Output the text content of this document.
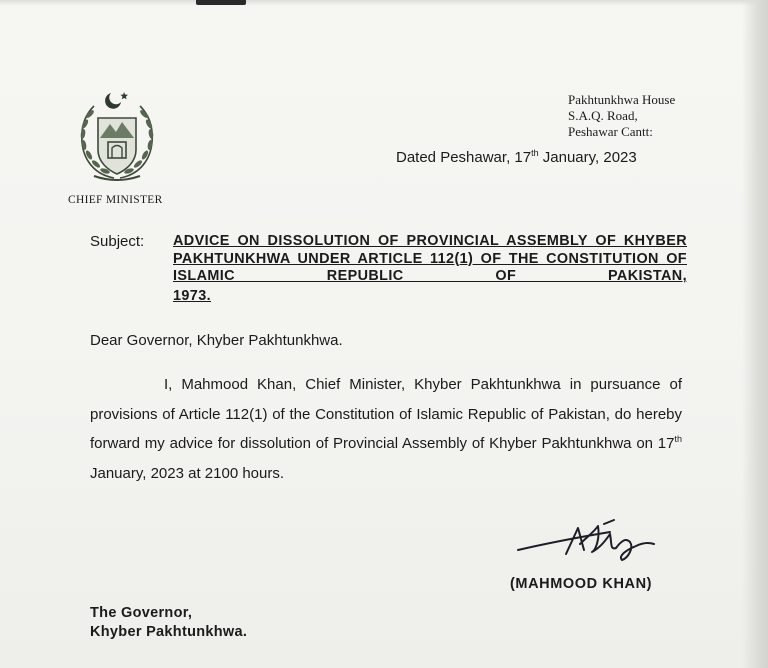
CHIEF MINISTER
Pakhtunkhwa House
S.A.Q. Road,
Peshawar Cantt:
Dated Peshawar, 17th January, 2023
Subject: ADVICE ON DISSOLUTION OF PROVINCIAL ASSEMBLY OF KHYBER PAKHTUNKHWA UNDER ARTICLE 112(1) OF THE CONSTITUTION OF ISLAMIC REPUBLIC OF PAKISTAN,
1973.
Dear Governor, Khyber Pakhtunkhwa.
I, Mahmood Khan, Chief Minister, Khyber Pakhtunkhwa in pursuance of provisions of Article 112(1) of the Constitution of Islamic Republic of Pakistan, do hereby forward my advice for dissolution of Provincial Assembly of Khyber Pakhtunkhwa on 17th January, 2023 at 2100 hours.
(MAHMOOD KHAN)
The Governor,
Khyber Pakhtunkhwa.
